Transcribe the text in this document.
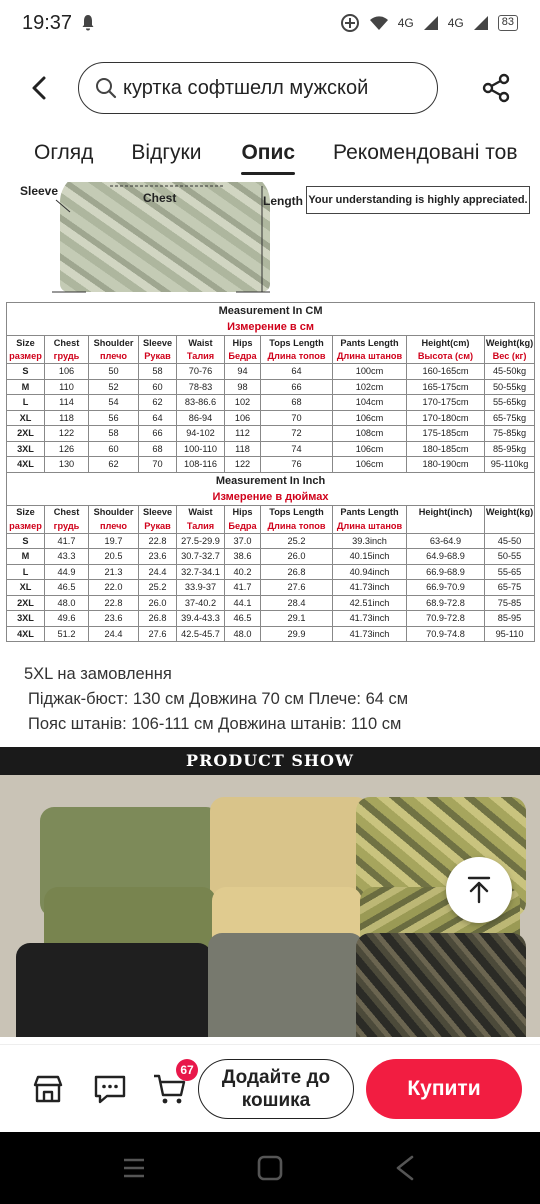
19:37	4G	4G	83
куртка софтшелл мужской
Огляд Відгуки Опис Рекомендовані тов
Sleeve	Chest	Length Your understanding is highly appreciated.
Measurement In CM									
Измерение в см									
Size	Chest	Shoulder	Sleeve	Waist	Hips	Tops Length	Pants Length	Height(cm)	Weight(kg)
размер	грудь	плечо	Рукав	Талия	Бедра	Длина топов	Длина штанов	Высота (см)	Вес (кг)
S	106	50	58	70-76	94	64	100cm	160-165cm	45-50kg
M	110	52	60	78-83	98	66	102cm	165-175cm	50-55kg
L	114	54	62	83-86.6	102	68	104cm	170-175cm	55-65kg
XL	118	56	64	86-94	106	70	106cm	170-180cm	65-75kg
2XL	122	58	66	94-102	112	72	108cm	175-185cm	75-85kg
3XL	126	60	68	100-110	118	74	106cm	180-185cm	85-95kg
4XL	130	62	70	108-116	122	76	106cm	180-190cm	95-110kg
Measurement In Inch									
Измерение в дюймах									
Size	Chest	Shoulder	Sleeve	Waist	Hips	Tops Length	Pants Length	Height(inch)	Weight(kg)
размер	грудь	плечо	Рукав	Талия	Бедра	Длина топов	Длина штанов		
S	41.7	19.7	22.8	27.5-29.9	37.0	25.2	39.3inch	63-64.9	45-50
M	43.3	20.5	23.6	30.7-32.7	38.6	26.0	40.15inch	64.9-68.9	50-55
L	44.9	21.3	24.4	32.7-34.1	40.2	26.8	40.94inch	66.9-68.9	55-65
XL	46.5	22.0	25.2	33.9-37	41.7	27.6	41.73inch	66.9-70.9	65-75
2XL	48.0	22.8	26.0	37-40.2	44.1	28.4	42.51inch	68.9-72.8	75-85
3XL	49.6	23.6	26.8	39.4-43.3	46.5	29.1	41.73inch	70.9-72.8	85-95
4XL	51.2	24.4	27.6	42.5-45.7	48.0	29.9	41.73inch	70.9-74.8	95-110
5XL на замовлення
Піджак-бюст: 130 см Довжина 70 см Плече: 64 см
Пояс штанів: 106-111 см Довжина штанів: 110 см
PRODUCT SHOW
67 Додайте до
кошика
Купити
